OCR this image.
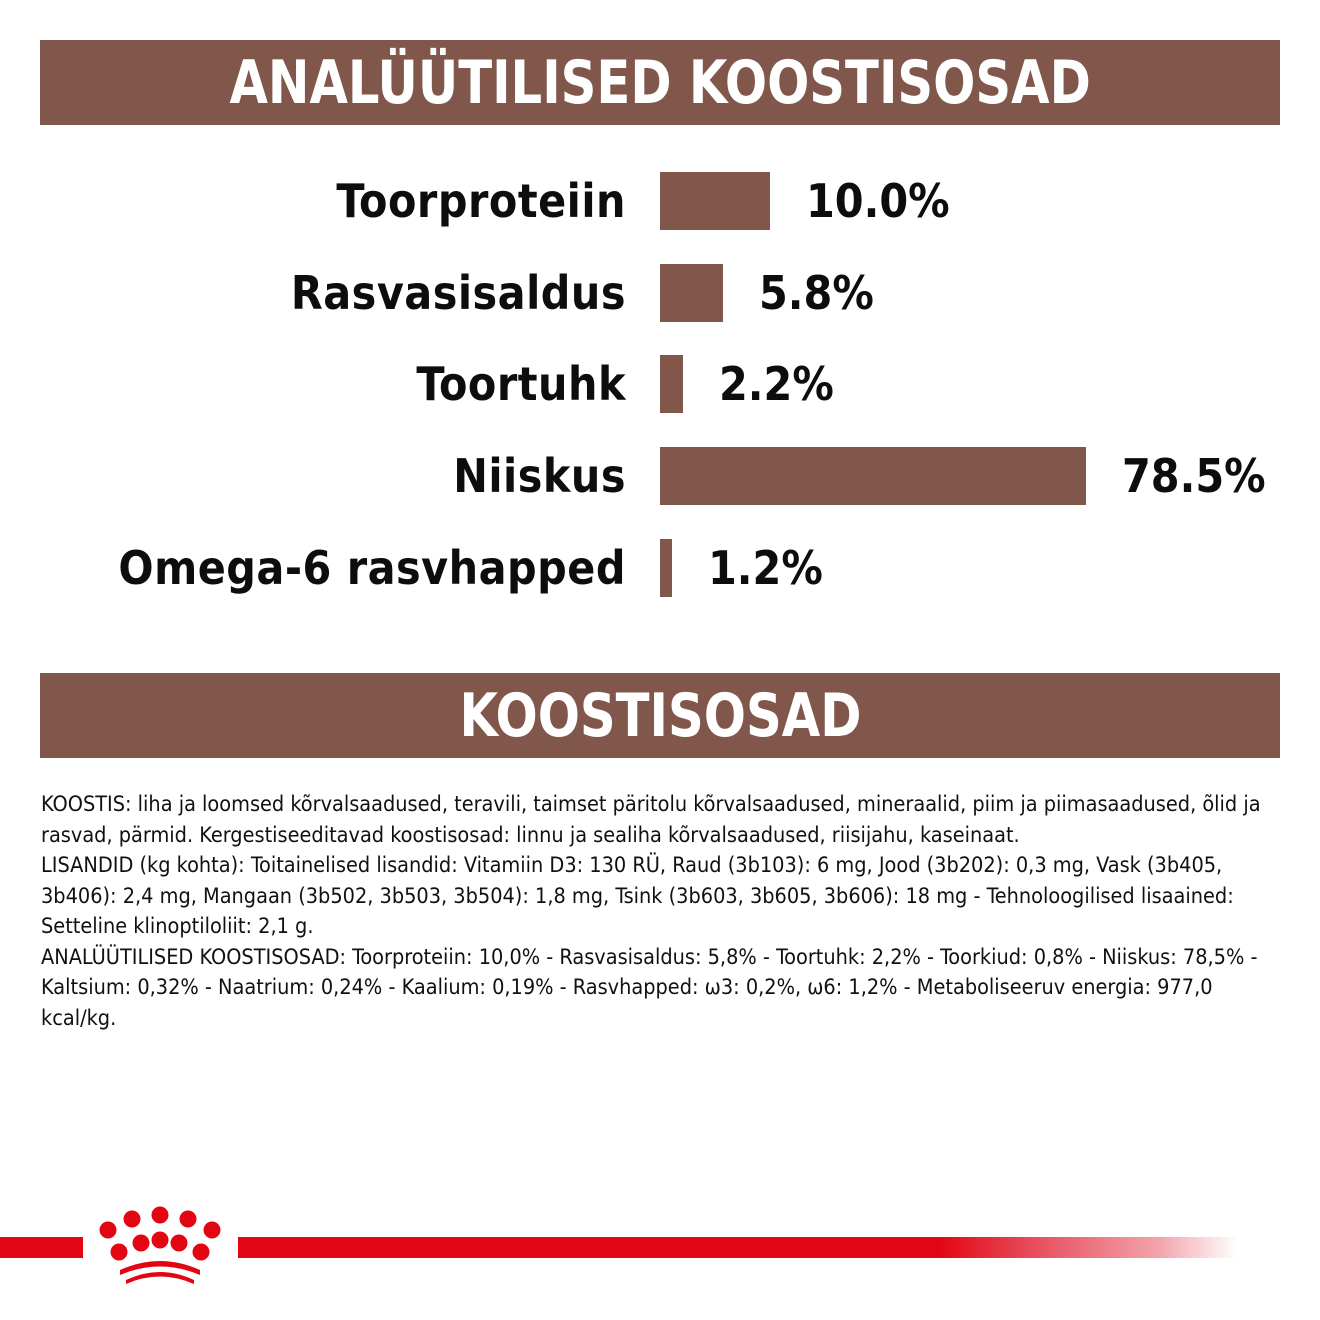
ANALÜÜTILISED KOOSTISOSAD
Toorproteiin	10.0%
Rasvasisaldus	5.8%
Toortuhk 2.2%
Niiskus	78.5%
Omega-6 rasvhapped 1.2%
KOOSTISOSAD

KOOSTIS: liha ja loomsed kõrvalsaadused, teravili, taimset päritolu kõrvalsaadused, mineraalid, piim ja piimasaadused, õlid ja rasvad, pärmid. Kergestiseeditavad koostisosad: linnu ja sealiha kõrvalsaadused, riisijahu, kaseinaat.

LISANDID (kg kohta): Toitainelised lisandid: Vitamiin D3: 130 RÜ, Raud (3b103): 6 mg, Jood (3b202): 0,3 mg, Vask (3b405, 3b406): 2,4 mg, Mangaan (3b502, 3b503, 3b504): 1,8 mg, Tsink (3b603, 3b605, 3b606): 18 mg - Tehnoloogilised lisaained: Setteline klinoptiloliit: 2,1 g.

ANALÜÜTILISED KOOSTISOSAD: Toorproteiin: 10,0% - Rasvasisaldus: 5,8% - Toortuhk: 2,2% - Toorkiud: 0,8% - Niiskus: 78,5% - Kaltsium: 0,32% - Naatrium: 0,24% - Kaalium: 0,19% - Rasvhapped: ω3: 0,2%, ω6: 1,2% - Metaboliseeruv energia: 977,0 kcal/kg.
